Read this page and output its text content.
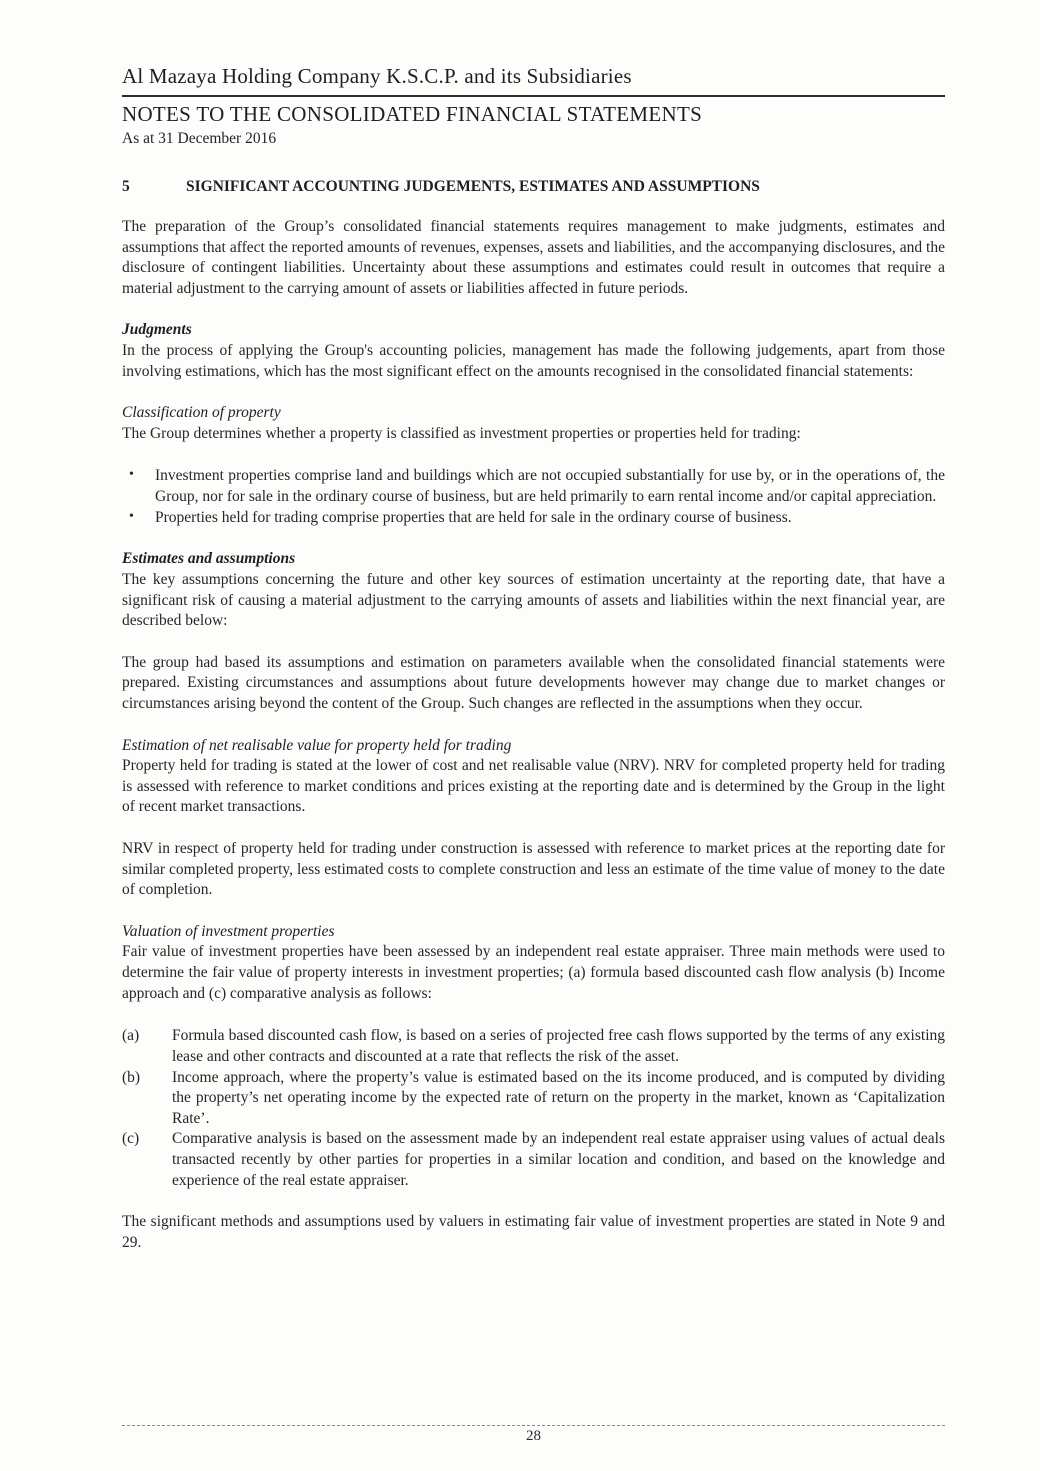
Al Mazaya Holding Company K.S.C.P. and its Subsidiaries
NOTES TO THE CONSOLIDATED FINANCIAL STATEMENTS
As at 31 December 2016
5	SIGNIFICANT ACCOUNTING JUDGEMENTS, ESTIMATES AND ASSUMPTIONS

The preparation of the Group’s consolidated financial statements requires management to make judgments, estimates and assumptions that affect the reported amounts of revenues, expenses, assets and liabilities, and the accompanying disclosures, and the disclosure of contingent liabilities. Uncertainty about these assumptions and estimates could result in outcomes that require a material adjustment to the carrying amount of assets or liabilities affected in future periods.

Judgments

In the process of applying the Group's accounting policies, management has made the following judgements, apart from those involving estimations, which has the most significant effect on the amounts recognised in the consolidated financial statements:

Classification of property

The Group determines whether a property is classified as investment properties or properties held for trading:

•	Investment properties comprise land and buildings which are not occupied substantially for use by, or in the operations of, the Group, nor for sale in the ordinary course of business, but are held primarily to earn rental income and/or capital appreciation.
•	Properties held for trading comprise properties that are held for sale in the ordinary course of business.
Estimates and assumptions

The key assumptions concerning the future and other key sources of estimation uncertainty at the reporting date, that have a significant risk of causing a material adjustment to the carrying amounts of assets and liabilities within the next financial year, are described below:

The group had based its assumptions and estimation on parameters available when the consolidated financial statements were prepared. Existing circumstances and assumptions about future developments however may change due to market changes or circumstances arising beyond the content of the Group. Such changes are reflected in the assumptions when they occur.

Estimation of net realisable value for property held for trading

Property held for trading is stated at the lower of cost and net realisable value (NRV). NRV for completed property held for trading is assessed with reference to market conditions and prices existing at the reporting date and is determined by the Group in the light of recent market transactions.

NRV in respect of property held for trading under construction is assessed with reference to market prices at the reporting date for similar completed property, less estimated costs to complete construction and less an estimate of the time value of money to the date of completion.

Valuation of investment properties

Fair value of investment properties have been assessed by an independent real estate appraiser. Three main methods were used to determine the fair value of property interests in investment properties; (a) formula based discounted cash flow analysis (b) Income approach and (c) comparative analysis as follows:

(a)	Formula based discounted cash flow, is based on a series of projected free cash flows supported by the terms of any existing lease and other contracts and discounted at a rate that reflects the risk of the asset.
(b)	Income approach, where the property’s value is estimated based on the its income produced, and is computed by dividing the property’s net operating income by the expected rate of return on the property in the market, known as ‘Capitalization Rate’.
(c)	Comparative analysis is based on the assessment made by an independent real estate appraiser using values of actual deals transacted recently by other parties for properties in a similar location and condition, and based on the knowledge and experience of the real estate appraiser.

The significant methods and assumptions used by valuers in estimating fair value of investment properties are stated in Note 9 and 29.

28
